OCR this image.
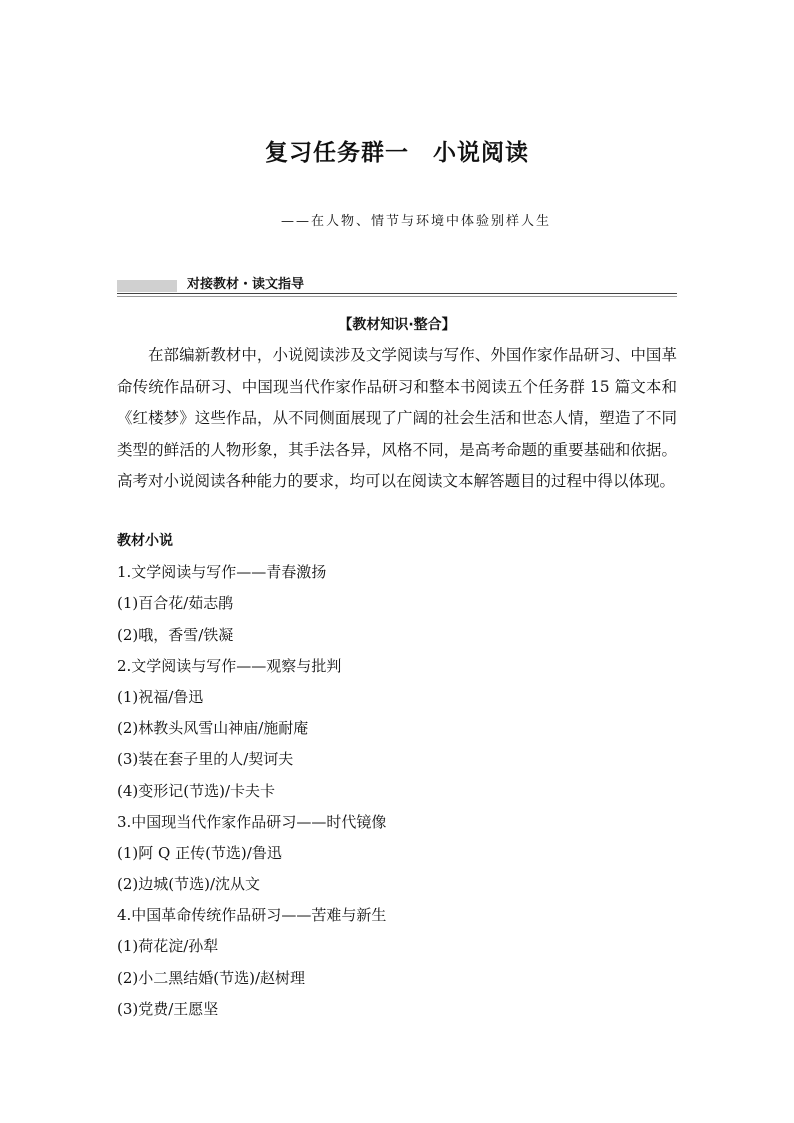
复习任务群一　小说阅读
——在人物、情节与环境中体验别样人生
对接教材・读文指导
【教材知识·整合】
在部编新教材中，小说阅读涉及文学阅读与写作、外国作家作品研习、中国革命传统作品研习、中国现当代作家作品研习和整本书阅读五个任务群 15 篇文本和《红楼梦》这些作品，从不同侧面展现了广阔的社会生活和世态人情，塑造了不同类型的鲜活的人物形象，其手法各异，风格不同，是高考命题的重要基础和依据。高考对小说阅读各种能力的要求，均可以在阅读文本解答题目的过程中得以体现。
教材小说
1.文学阅读与写作——青春激扬
(1)百合花/茹志鹃
(2)哦，香雪/铁凝
2.文学阅读与写作——观察与批判
(1)祝福/鲁迅
(2)林教头风雪山神庙/施耐庵
(3)装在套子里的人/契诃夫
(4)变形记(节选)/卡夫卡
3.中国现当代作家作品研习——时代镜像
(1)阿 Q 正传(节选)/鲁迅
(2)边城(节选)/沈从文
4.中国革命传统作品研习——苦难与新生
(1)荷花淀/孙犁
(2)小二黑结婚(节选)/赵树理
(3)党费/王愿坚
